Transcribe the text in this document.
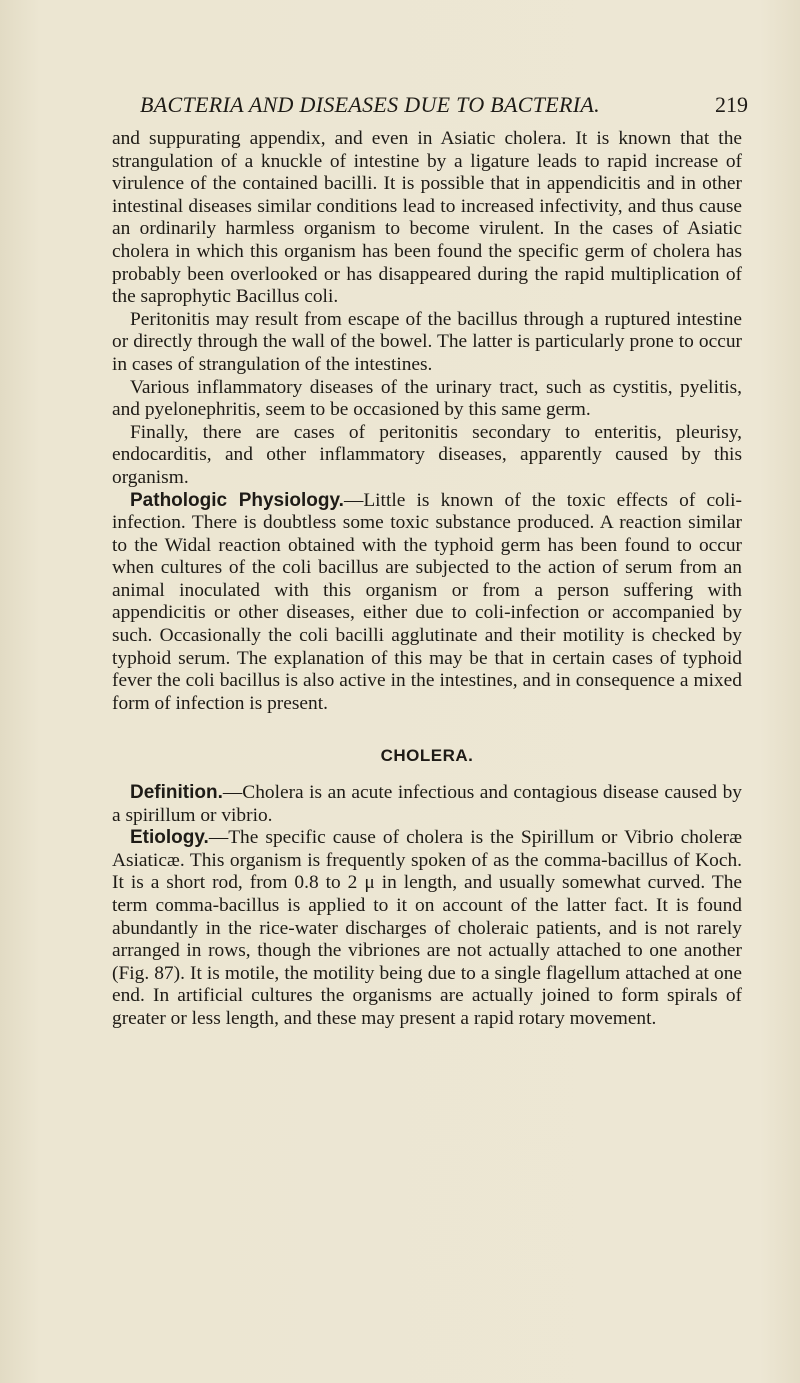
BACTERIA AND DISEASES DUE TO BACTERIA.	219

and suppurating appendix, and even in Asiatic cholera. It is known that the strangulation of a knuckle of intestine by a ligature leads to rapid increase of virulence of the contained bacilli. It is possible that in appendicitis and in other intestinal diseases similar conditions lead to increased infectivity, and thus cause an ordinarily harmless organism to become virulent. In the cases of Asiatic cholera in which this organism has been found the specific germ of cholera has probably been overlooked or has disappeared during the rapid multiplication of the saprophytic Bacillus coli.

Peritonitis may result from escape of the bacillus through a ruptured intestine or directly through the wall of the bowel. The latter is particularly prone to occur in cases of strangulation of the intestines.

Various inflammatory diseases of the urinary tract, such as cystitis, pyelitis, and pyelonephritis, seem to be occasioned by this same germ.

Finally, there are cases of peritonitis secondary to enteritis, pleurisy, endocarditis, and other inflammatory diseases, apparently caused by this organism.

Pathologic Physiology.—Little is known of the toxic effects of coli-infection. There is doubtless some toxic substance produced. A reaction similar to the Widal reaction obtained with the typhoid germ has been found to occur when cultures of the coli bacillus are subjected to the action of serum from an animal inoculated with this organism or from a person suffering with appendicitis or other diseases, either due to coli-infection or accompanied by such. Occasionally the coli bacilli agglutinate and their motility is checked by typhoid serum. The explanation of this may be that in certain cases of typhoid fever the coli bacillus is also active in the intestines, and in consequence a mixed form of infection is present.

CHOLERA.

Definition.—Cholera is an acute infectious and contagious disease caused by a spirillum or vibrio.

Etiology.—The specific cause of cholera is the Spirillum or Vibrio choleræ Asiaticæ. This organism is frequently spoken of as the comma-bacillus of Koch. It is a short rod, from 0.8 to 2 μ in length, and usually somewhat curved. The term comma-bacillus is applied to it on account of the latter fact. It is found abundantly in the rice-water discharges of choleraic patients, and is not rarely arranged in rows, though the vibriones are not actually attached to one another (Fig. 87). It is motile, the motility being due to a single flagellum attached at one end. In artificial cultures the organisms are actually joined to form spirals of greater or less length, and these may present a rapid rotary movement.
